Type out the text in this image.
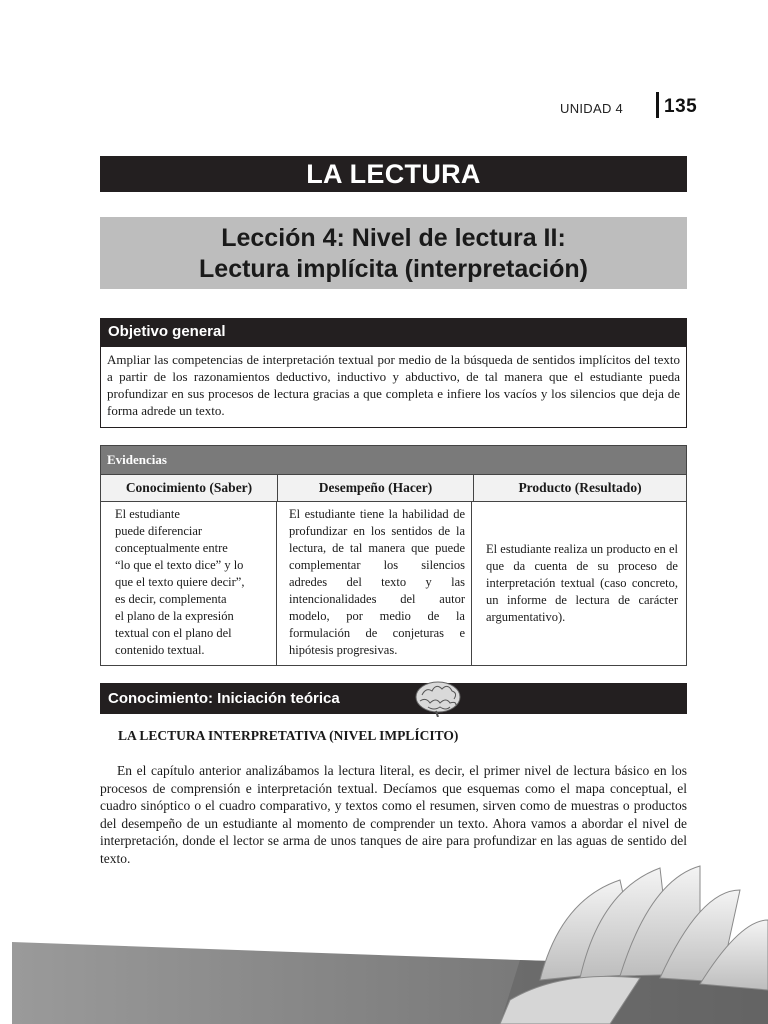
UNIDAD 4 135
LA LECTURA
Lección 4: Nivel de lectura II:
Lectura implícita (interpretación)
Objetivo general
Ampliar las competencias de interpretación textual por medio de la búsqueda de sentidos implícitos del texto a partir de los razonamientos deductivo, inductivo y abductivo, de tal manera que el estudiante pueda profundizar en sus procesos de lectura gracias a que completa e infiere los vacíos y los silencios que deja de forma adrede un texto.
Evidencias
Conocimiento (Saber)	Desempeño (Hacer)	Producto (Resultado)
El estudiante
puede diferenciar
conceptualmente entre
“lo que el texto dice” y lo
que el texto quiere decir”,
es decir, complementa
el plano de la expresión
textual con el plano del
contenido textual.
El estudiante tiene la habilidad de profundizar en los sentidos de la lectura, de tal manera que puede complementar los silencios adredes del texto y las intencionalidades del autor modelo, por medio de la formulación de conjeturas e hipótesis progresivas.
El estudiante realiza un producto en el que da cuenta de su proceso de interpretación textual (caso concreto, un informe de lectura de carácter argumentativo).
Conocimiento: Iniciación teórica
LA LECTURA INTERPRETATIVA (NIVEL IMPLÍCITO)
En el capítulo anterior analizábamos la lectura literal, es decir, el primer nivel de lectura básico en los procesos de comprensión e interpretación textual. Decíamos que esquemas como el mapa conceptual, el cuadro sinóptico o el cuadro comparativo, y textos como el resumen, sirven como de muestras o productos del desempeño de un estudiante al momento de comprender un texto. Ahora vamos a abordar el nivel de interpretación, donde el lector se arma de unos tanques de aire para profundizar en las aguas de sentido del texto.
